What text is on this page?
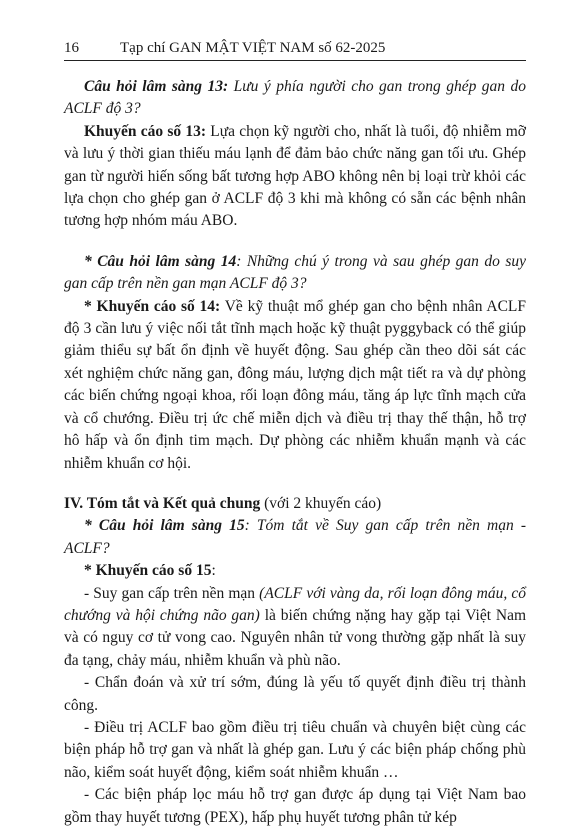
16	Tạp chí GAN MẬT VIỆT NAM số 62-2025

Câu hỏi lâm sàng 13: Lưu ý phía người cho gan trong ghép gan do ACLF độ 3?

Khuyến cáo số 13: Lựa chọn kỹ người cho, nhất là tuổi, độ nhiễm mỡ và lưu ý thời gian thiếu máu lạnh để đảm bảo chức năng gan tối ưu. Ghép gan từ người hiến sống bất tương hợp ABO không nên bị loại trừ khỏi các lựa chọn cho ghép gan ở ACLF độ 3 khi mà không có sẵn các bệnh nhân tương hợp nhóm máu ABO.

* Câu hỏi lâm sàng 14: Những chú ý trong và sau ghép gan do suy gan cấp trên nền gan mạn ACLF độ 3?

* Khuyến cáo số 14: Về kỹ thuật mổ ghép gan cho bệnh nhân ACLF độ 3 cần lưu ý việc nối tắt tĩnh mạch hoặc kỹ thuật pyggyback có thể giúp giảm thiểu sự bất ổn định về huyết động. Sau ghép cần theo dõi sát các xét nghiệm chức năng gan, đông máu, lượng dịch mật tiết ra và dự phòng các biến chứng ngoại khoa, rối loạn đông máu, tăng áp lực tĩnh mạch cửa và cổ chướng. Điều trị ức chế miễn dịch và điều trị thay thế thận, hỗ trợ hô hấp và ổn định tim mạch. Dự phòng các nhiễm khuẩn mạnh và các nhiễm khuẩn cơ hội.

IV. Tóm tắt và Kết quả chung (với 2 khuyến cáo)

* Câu hỏi lâm sàng 15: Tóm tắt về Suy gan cấp trên nền mạn - ACLF?

* Khuyến cáo số 15:

- Suy gan cấp trên nền mạn (ACLF với vàng da, rối loạn đông máu, cổ chướng và hội chứng não gan) là biến chứng nặng hay gặp tại Việt Nam và có nguy cơ tử vong cao. Nguyên nhân tử vong thường gặp nhất là suy đa tạng, chảy máu, nhiễm khuẩn và phù não.

- Chẩn đoán và xử trí sớm, đúng là yếu tố quyết định điều trị thành công.

- Điều trị ACLF bao gồm điều trị tiêu chuẩn và chuyên biệt cùng các biện pháp hỗ trợ gan và nhất là ghép gan. Lưu ý các biện pháp chống phù não, kiểm soát huyết động, kiểm soát nhiễm khuẩn …

- Các biện pháp lọc máu hỗ trợ gan được áp dụng tại Việt Nam bao gồm thay huyết tương (PEX), hấp phụ huyết tương phân tử kép
